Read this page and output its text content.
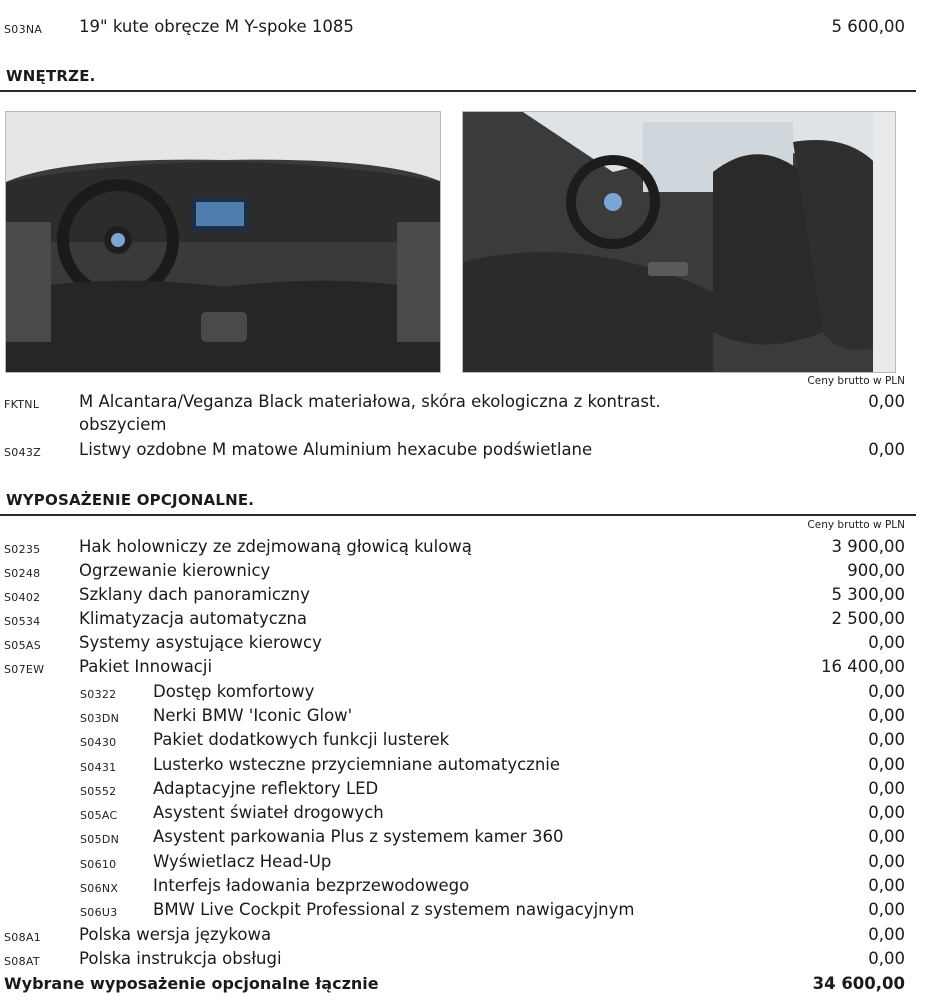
S03NA 19" kute obręcze M Y-spoke 1085	5 600,00
WNĘTRZE.
Ceny brutto w PLN
FKTNL M Alcantara/Veganza Black materiałowa, skóra ekologiczna z kontrast.	0,00
obszyciem
S043Z Listwy ozdobne M matowe Aluminium hexacube podświetlane	0,00
WYPOSAŻENIE OPCJONALNE.
Ceny brutto w PLN
S0235 Hak holowniczy ze zdejmowaną głowicą kulową	3 900,00
S0248 Ogrzewanie kierownicy	900,00
S0402 Szklany dach panoramiczny	5 300,00
S0534 Klimatyzacja automatyczna	2 500,00
S05AS Systemy asystujące kierowcy	0,00
S07EW Pakiet Innowacji	16 400,00
S0322 Dostęp komfortowy	0,00
S03DN Nerki BMW 'Iconic Glow'	0,00
S0430 Pakiet dodatkowych funkcji lusterek	0,00
S0431 Lusterko wsteczne przyciemniane automatycznie	0,00
S0552 Adaptacyjne reflektory LED	0,00
S05AC Asystent świateł drogowych	0,00
S05DN Asystent parkowania Plus z systemem kamer 360	0,00
S0610 Wyświetlacz Head-Up	0,00
S06NX Interfejs ładowania bezprzewodowego	0,00
S06U3 BMW Live Cockpit Professional z systemem nawigacyjnym	0,00
S08A1 Polska wersja językowa	0,00
S08AT Polska instrukcja obsługi	0,00
Wybrane wyposażenie opcjonalne łącznie	34 600,00
